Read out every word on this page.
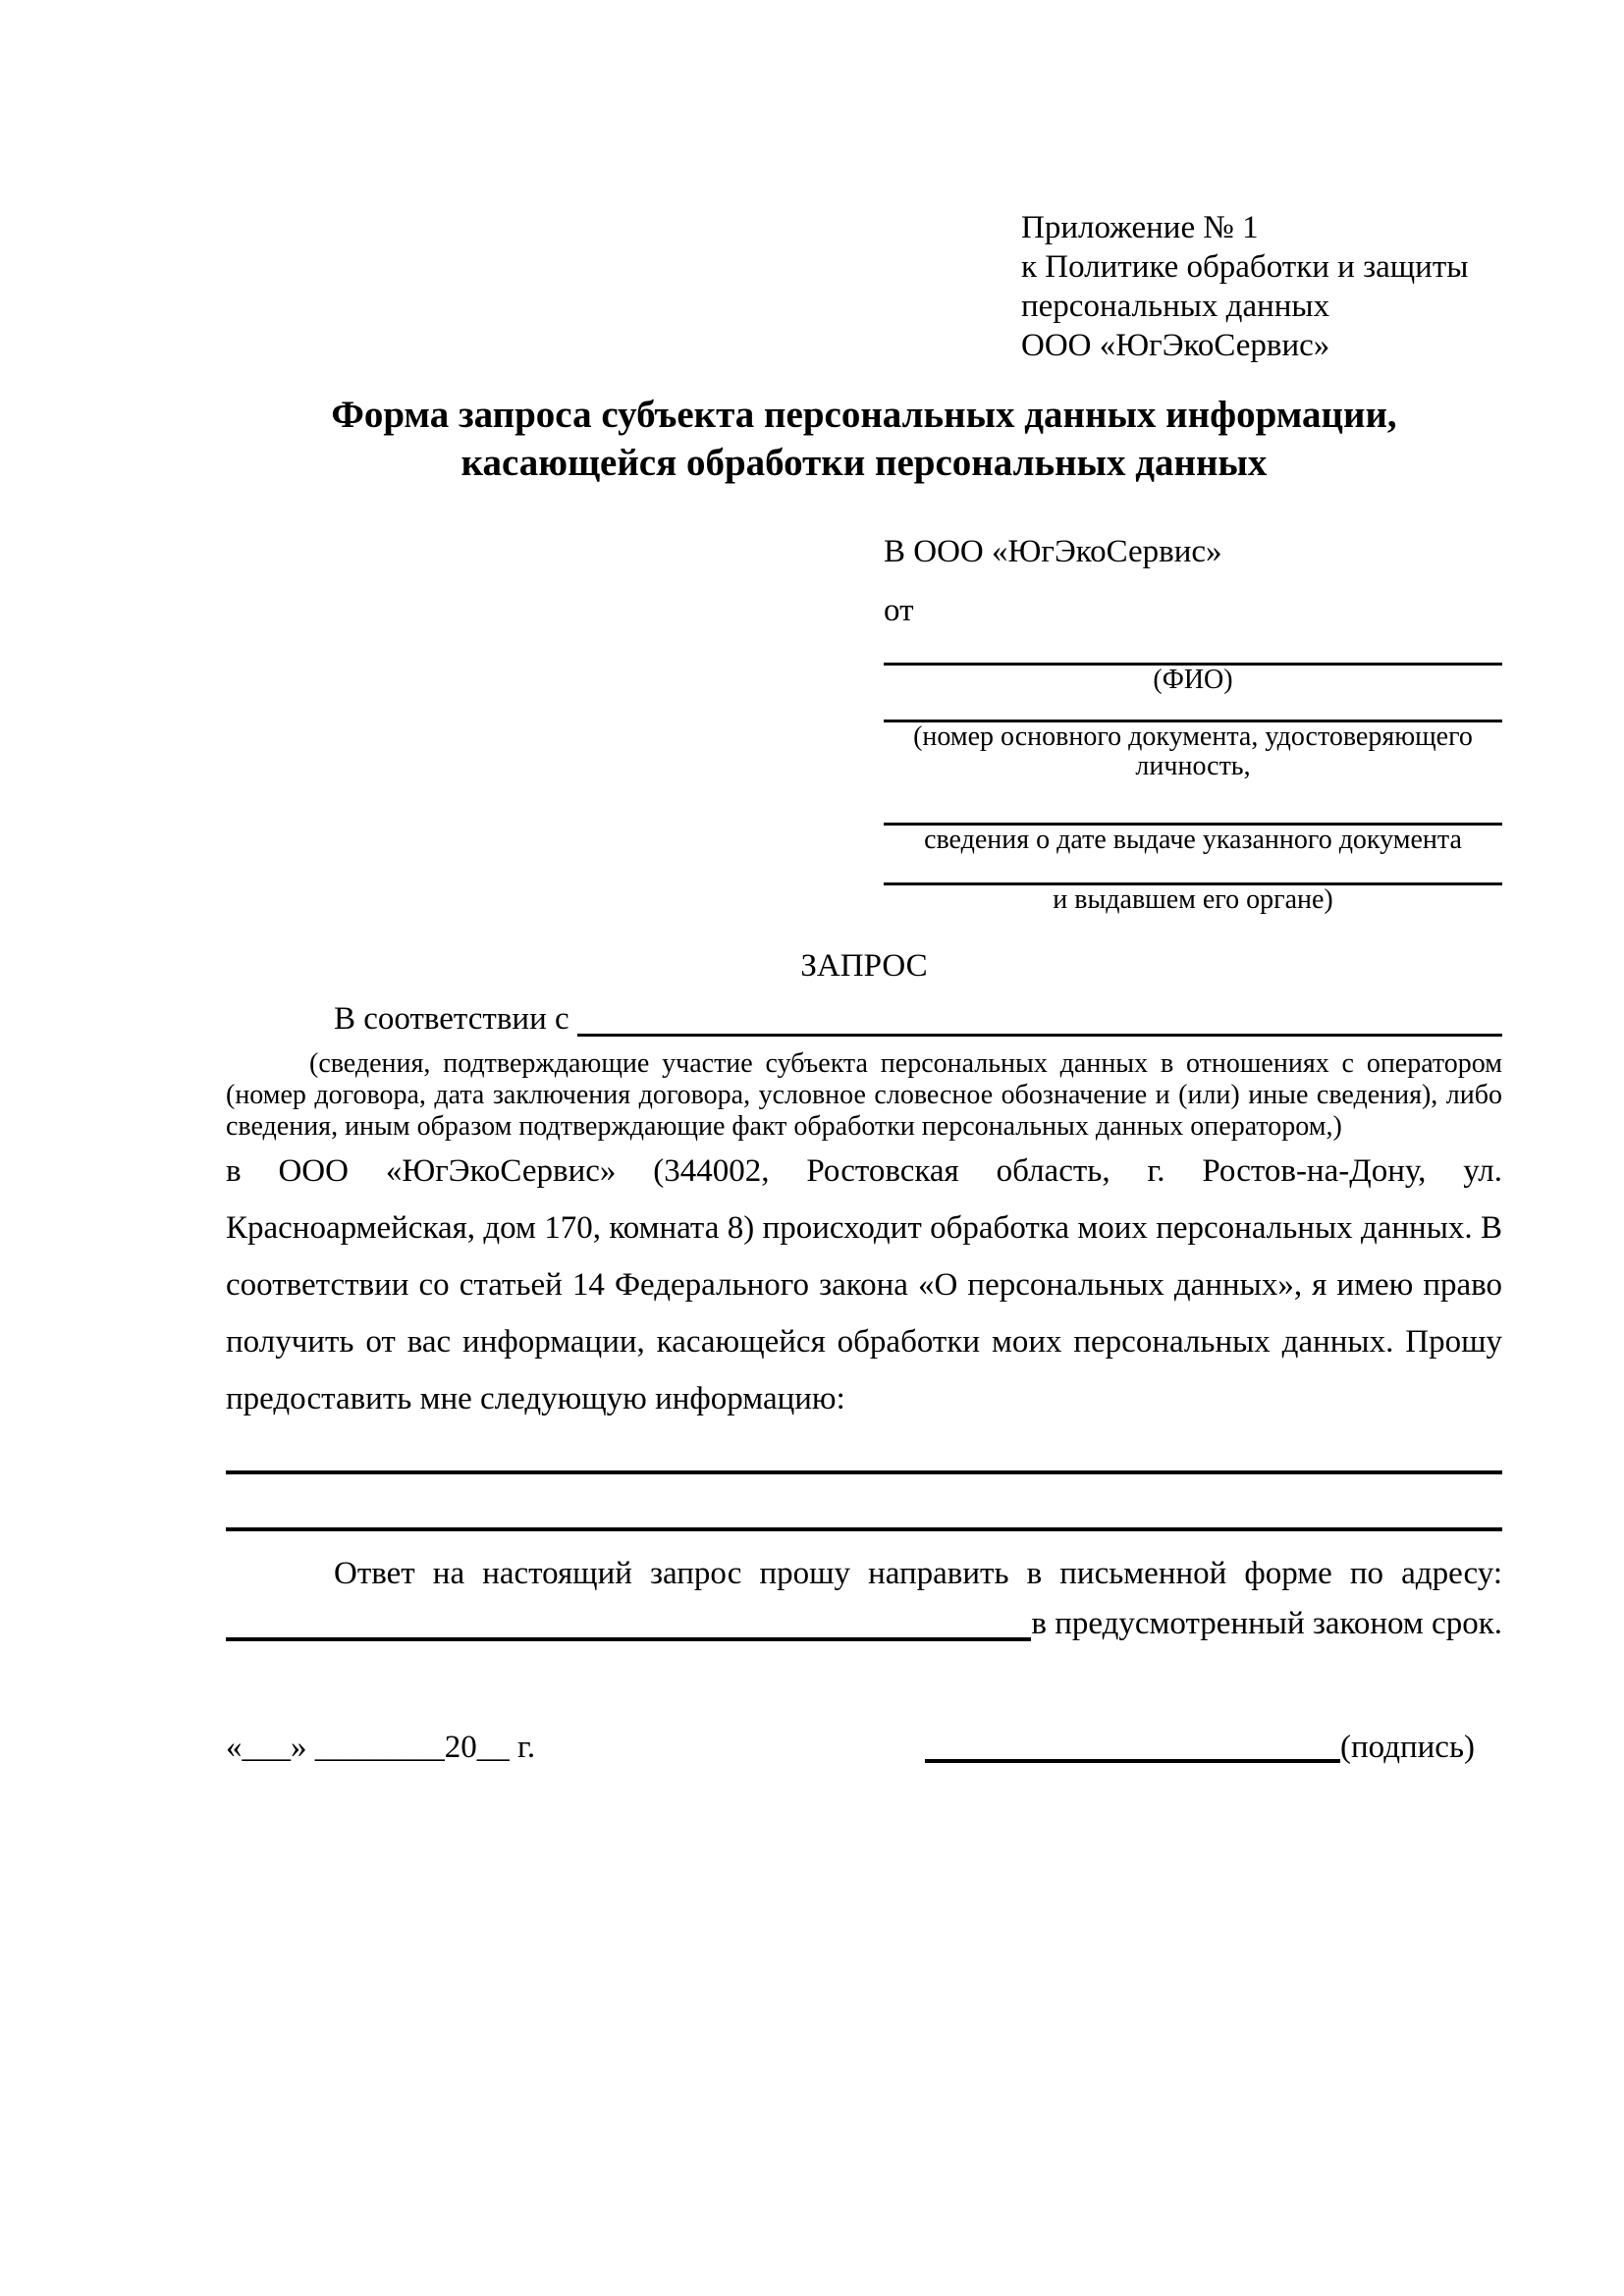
Приложение № 1
к Политике обработки и защиты
персональных данных
ООО «ЮгЭкоСервис»
Форма запроса субъекта персональных данных информации,
касающейся обработки персональных данных
В ООО «ЮгЭкоСервис»
от
(ФИО)
(номер основного документа, удостоверяющего личность,
сведения о дате выдаче указанного документа
и выдавшем его органе)
ЗАПРОС
В соответствии с
(сведения, подтверждающие участие субъекта персональных данных в отношениях с оператором (номер договора, дата заключения договора, условное словесное обозначение и (или) иные сведения), либо сведения, иным образом подтверждающие факт обработки персональных данных оператором,)
в ООО «ЮгЭкоСервис» (344002, Ростовская область, г. Ростов-на-Дону, ул. Красноармейская, дом 170, комната 8) происходит обработка моих персональных данных. В соответствии со статьей 14 Федерального закона «О персональных данных», я имею право получить от вас информации, касающейся обработки моих персональных данных. Прошу предоставить мне следующую информацию:
Ответ на настоящий запрос прошу направить в письменной форме по адресу:
в предусмотренный законом срок.
«___» ________20__ г.	(подпись)
